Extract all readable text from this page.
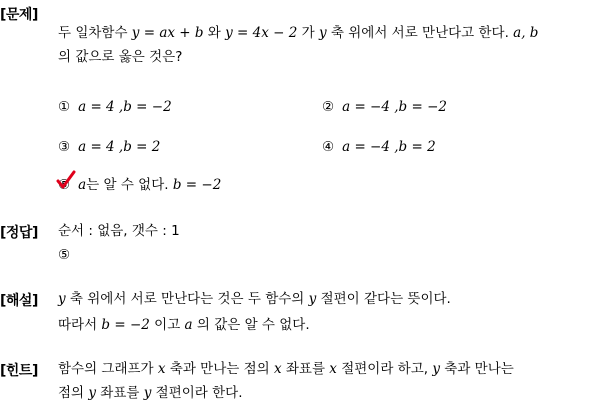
[문제]
두 일차함수 y = ax + b 와 y = 4x − 2 가 y 축 위에서 서로 만난다고 한다. a, b
의 값으로 옳은 것은?
① a = 4 ,b = −2	② a = −4 ,b = −2
③ a = 4 ,b = 2	④ a = −4 ,b = 2
⑤ a는 알 수 없다. b = −2
[정답] 순서 : 없음, 갯수 : 1
⑤
[해설] y 축 위에서 서로 만난다는 것은 두 함수의 y 절편이 같다는 뜻이다.
따라서 b = −2 이고 a 의 값은 알 수 없다.
[힌트] 함수의 그래프가 x 축과 만나는 점의 x 좌표를 x 절편이라 하고, y 축과 만나는
점의 y 좌표를 y 절편이라 한다.
